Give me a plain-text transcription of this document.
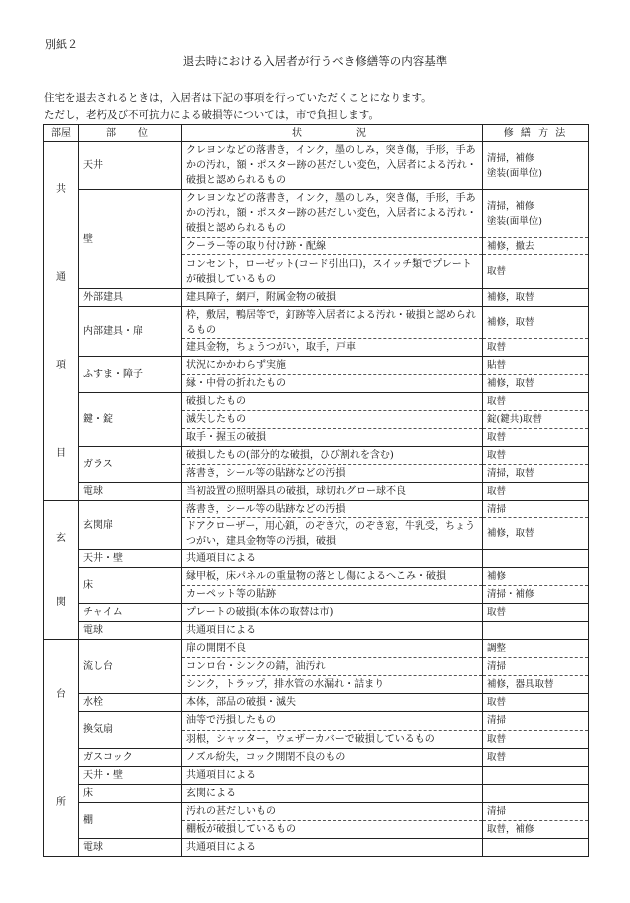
別紙２
退去時における入居者が行うべき修繕等の内容基準
住宅を退去されるときは，入居者は下記の事項を行っていただくことになります。
ただし，老朽及び不可抗力による破損等については，市で負担します。
部屋	部　位	状　　　況	修 繕 方 法

共
通
項
目	天井	クレヨンなどの落書き，インク，墨のしみ，突き傷，手形，手あかの汚れ，額・ポスター跡の甚だしい変色，入居者による汚れ・破損と認められるもの	清掃，補修
塗装(面単位)
	壁	クレヨンなどの落書き，インク，墨のしみ，突き傷，手形，手あかの汚れ，額・ポスター跡の甚だしい変色，入居者による汚れ・破損と認められるもの	清掃，補修
塗装(面単位)
		クーラー等の取り付け跡・配線	補修，撤去
		コンセント，ローゼット(コード引出口)，スイッチ類でプレートが破損しているもの	取替
	外部建具	建具障子，網戸，附属金物の破損	補修，取替
	内部建具・扉	枠，敷居，鴨居等で，釘跡等入居者による汚れ・破損と認められるもの	補修，取替
		建具金物，ちょうつがい，取手，戸車	取替
	ふすま・障子	状況にかかわらず実施	貼替
		縁・中骨の折れたもの	補修，取替
	鍵・錠	破損したもの	取替
		滅失したもの	錠(鍵共)取替
		取手・握玉の破損	取替
	ガラス	破損したもの(部分的な破損，ひび割れを含む)	取替
		落書き，シール等の貼跡などの汚損	清掃，取替
	電球	当初設置の照明器具の破損，球切れグロー球不良	取替

玄
関	玄関扉	落書き，シール等の貼跡などの汚損	清掃
		ドアクローザー，用心鎖，のぞき穴，のぞき窓，牛乳受，ちょうつがい，建具金物等の汚損，破損	補修，取替
	天井・壁	共通項目による	
	床	縁甲板，床パネルの重量物の落とし傷によるへこみ・破損	補修
		カーペット等の貼跡	清掃・補修
	チャイム	プレートの破損(本体の取替は市)	取替
	電球	共通項目による	

台
所	流し台	扉の開閉不良	調整
		コンロ台・シンクの錆，油汚れ	清掃
		シンク，トラップ，排水管の水漏れ・詰まり	補修，器具取替
	水栓	本体，部品の破損・滅失	取替
	換気扇	油等で汚損したもの	清掃
		羽根，シャッター，ウェザーカバーで破損しているもの	取替
	ガスコック	ノズル紛失，コック開閉不良のもの	取替
	天井・壁	共通項目による	
	床	玄関による	
	棚	汚れの甚だしいもの	清掃
		棚板が破損しているもの	取替，補修
	電球	共通項目による	
